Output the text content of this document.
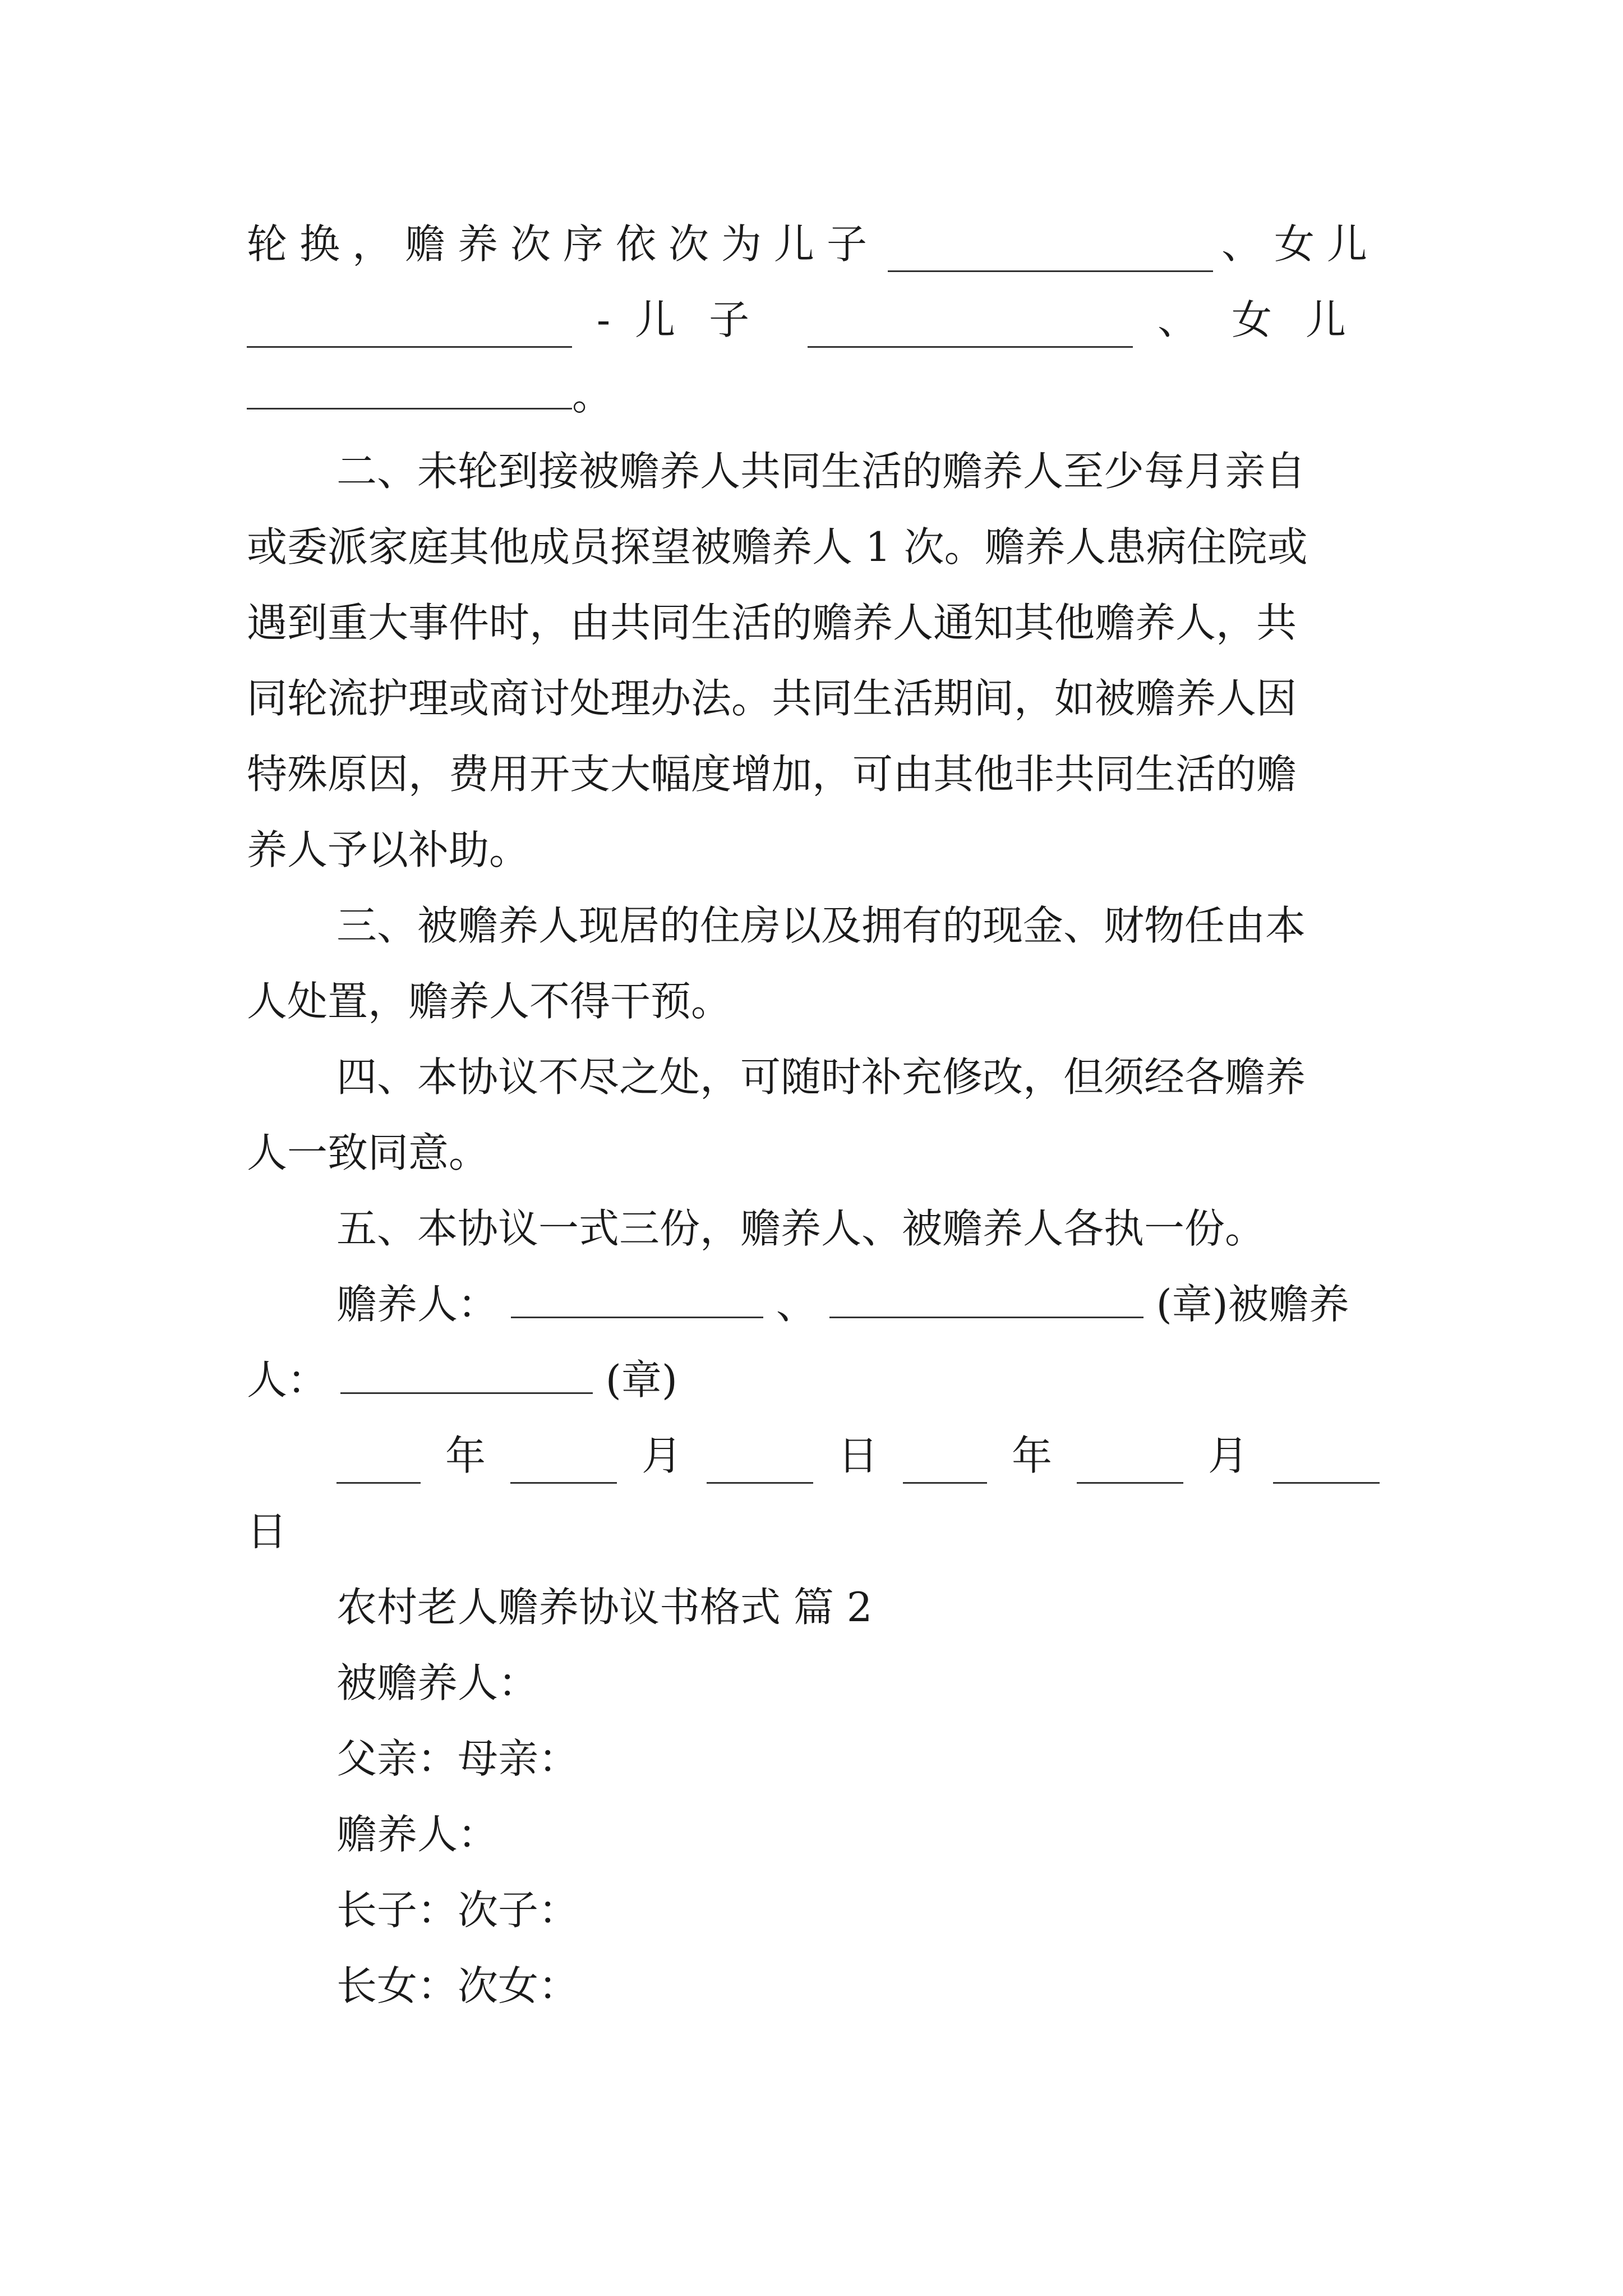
轮换，赡养次序依次为儿子	、女儿
- 儿子	、女儿
。
二、未轮到接被赡养人共同生活的赡养人至少每月亲自
或委派家庭其他成员探望被赡养人 1 次。赡养人患病住院或
遇到重大事件时，由共同生活的赡养人通知其他赡养人，共
同轮流护理或商讨处理办法。共同生活期间，如被赡养人因
特殊原因，费用开支大幅度增加，可由其他非共同生活的赡
养人予以补助。
三、被赡养人现居的住房以及拥有的现金、财物任由本
人处置，赡养人不得干预。
四、本协议不尽之处，可随时补充修改，但须经各赡养
人一致同意。
五、本协议一式三份，赡养人、被赡养人各执一份。
赡养人：	、	(章)被赡养
人：	(章)
年	月	日	年	月
日
农村老人赡养协议书格式 篇 2
被赡养人：
父亲：母亲：
赡养人：
长子：次子：
长女：次女：
